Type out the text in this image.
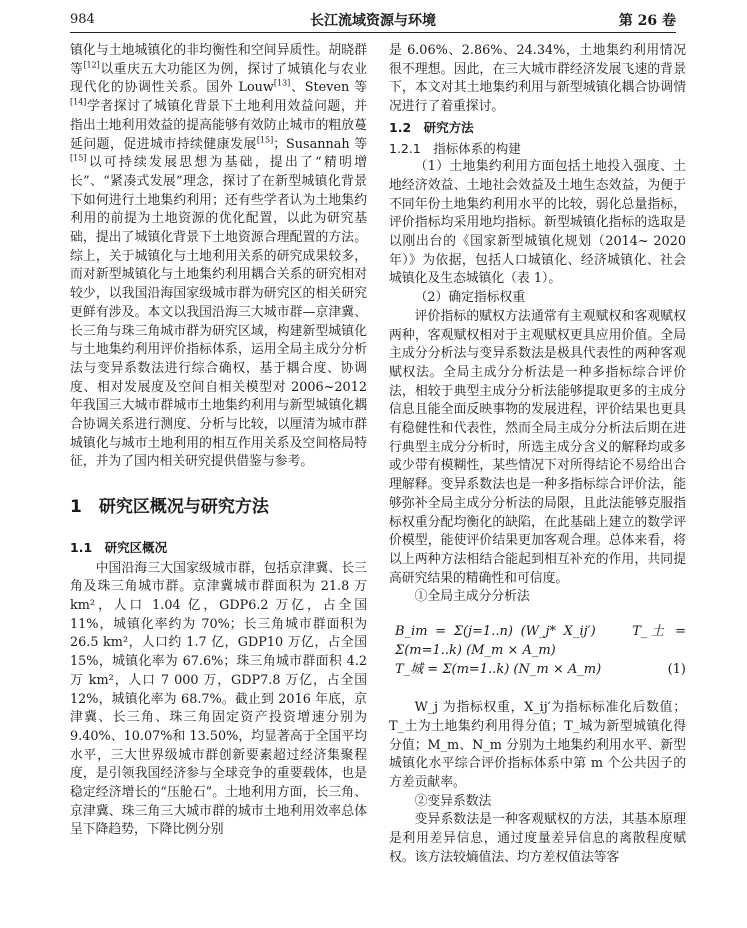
长江流域资源与环境
984	第 26 卷

镇化与土地城镇化的非均衡性和空间异质性。胡晓群等[12]以重庆五大功能区为例，探讨了城镇化与农业现代化的协调性关系。国外 Louw[13]、Steven 等[14]学者探讨了城镇化背景下土地利用效益问题，并指出土地利用效益的提高能够有效防止城市的粗放蔓延问题，促进城市持续健康发展[15]；Susannah 等[15]以可持续发展思想为基础，提出了“精明增长”、“紧凑式发展”理念，探讨了在新型城镇化背景下如何进行土地集约利用；还有些学者认为土地集约利用的前提为土地资源的优化配置，以此为研究基础，提出了城镇化背景下土地资源合理配置的方法。综上，关于城镇化与土地利用关系的研究成果较多，而对新型城镇化与土地集约利用耦合关系的研究相对较少，以我国沿海国家级城市群为研究区的相关研究更鲜有涉及。本文以我国沿海三大城市群—京津冀、长三角与珠三角城市群为研究区域，构建新型城镇化与土地集约利用评价指标体系，运用全局主成分分析法与变异系数法进行综合确权，基于耦合度、协调度、相对发展度及空间自相关模型对 2006~2012 年我国三大城市群城市土地集约利用与新型城镇化耦合协调关系进行测度、分析与比较，以厘清为城市群城镇化与城市土地利用的相互作用关系及空间格局特征，并为了国内相关研究提供借鉴与参考。

1　研究区概况与研究方法

1.1　研究区概况

中国沿海三大国家级城市群，包括京津冀、长三角及珠三角城市群。京津冀城市群面积为 21.8 万 km²，人口 1.04 亿，GDP6.2 万亿，占全国 11%，城镇化率约为 70%；长三角城市群面积为 26.5 km²，人口约 1.7 亿，GDP10 万亿，占全国 15%，城镇化率为 67.6%；珠三角城市群面积 4.2 万 km²，人口 7 000 万，GDP7.8 万亿，占全国 12%，城镇化率为 68.7%。截止到 2016 年底，京津冀、长三角、珠三角固定资产投资增速分别为 9.40%、10.07%和 13.50%，均显著高于全国平均水平，三大世界级城市群创新要素超过经济集聚程度，是引领我国经济参与全球竞争的重要载体，也是稳定经济增长的“压舱石”。土地利用方面，长三角、京津冀、珠三角三大城市群的城市土地利用效率总体呈下降趋势，下降比例分别

是 6.06%、2.86%、24.34%，土地集约利用情况很不理想。因此，在三大城市群经济发展飞速的背景下，本文对其土地集约利用与新型城镇化耦合协调情况进行了着重探讨。

1.2　研究方法

1.2.1　指标体系的构建

（1）土地集约利用方面包括土地投入强度、土地经济效益、土地社会效益及土地生态效益，为便于不同年份土地集约利用水平的比较，弱化总量指标，评价指标均采用地均指标。新型城镇化指标的选取是以刚出台的《国家新型城镇化规划（2014~ 2020 年）》为依据，包括人口城镇化、经济城镇化、社会城镇化及生态城镇化（表 1）。

（2）确定指标权重

评价指标的赋权方法通常有主观赋权和客观赋权两种，客观赋权相对于主观赋权更具应用价值。全局主成分分析法与变异系数法是极具代表性的两种客观赋权法。全局主成分分析法是一种多指标综合评价法，相较于典型主成分分析法能够提取更多的主成分信息且能全面反映事物的发展进程，评价结果也更具有稳健性和代表性，然而全局主成分分析法后期在进行典型主成分分析时，所选主成分含义的解释均或多或少带有模糊性，某些情况下对所得结论不易给出合理解释。变异系数法也是一种多指标综合评价法，能够弥补全局主成分分析法的局限，且此法能够克服指标权重分配均衡化的缺陷，在此基础上建立的数学评价模型，能使评价结果更加客观合理。总体来看，将以上两种方法相结合能起到相互补充的作用，共同提高研究结果的精确性和可信度。

①全局主成分分析法

B_im = Σ(j=1..n) (W_j* X_ij′)　　T_土 = Σ(m=1..k) (M_m × A_m)
T_城 = Σ(m=1..k) (N_m × A_m)	(1)

W_j 为指标权重，X_ij′为指标标准化后数值；T_土为土地集约利用得分值；T_城为新型城镇化得分值；M_m、N_m 分别为土地集约利用水平、新型城镇化水平综合评价指标体系中第 m 个公共因子的方差贡献率。

②变异系数法

变异系数法是一种客观赋权的方法，其基本原理是利用差异信息，通过度量差异信息的离散程度赋权。该方法较熵值法、均方差权值法等客
